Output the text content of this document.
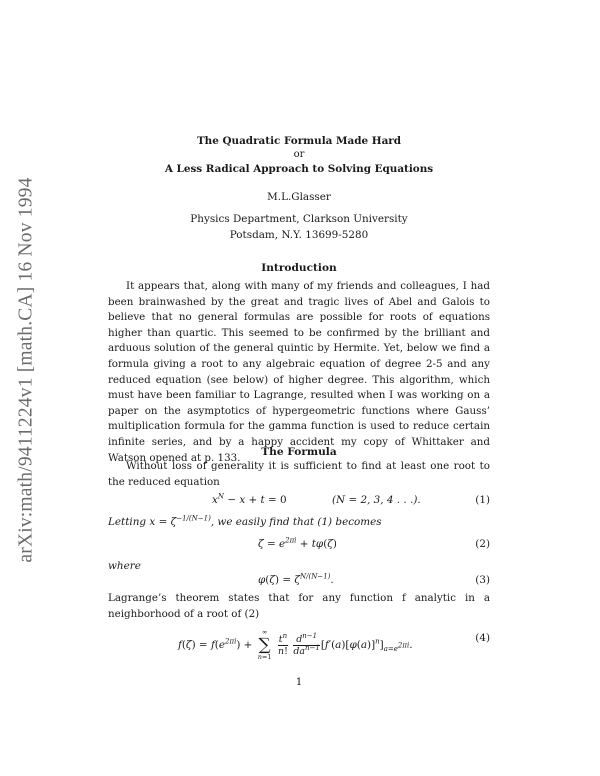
arXiv:math/9411224v1 [math.CA] 16 Nov 1994
The Quadratic Formula Made Hard
or
A Less Radical Approach to Solving Equations
M.L.Glasser
Physics Department, Clarkson University
Potsdam, N.Y. 13699-5280
Introduction

It appears that, along with many of my friends and colleagues, I had been brainwashed by the great and tragic lives of Abel and Galois to believe that no general formulas are possible for roots of equations higher than quartic. This seemed to be confirmed by the brilliant and arduous solution of the general quintic by Hermite. Yet, below we find a formula giving a root to any algebraic equation of degree 2-5 and any reduced equation (see below) of higher degree. This algorithm, which must have been familiar to Lagrange, resulted when I was working on a paper on the asymptotics of hypergeometric functions where Gauss’ multiplication formula for the gamma function is used to reduce certain infinite series, and by a happy accident my copy of Whittaker and Watson opened at p. 133.	The Formula

Without loss of generality it is sufficient to find at least one root to the reduced equation

$x^N - x + t = 0$	(N = 2, 3, 4 . . .).	(1)
Letting $x = \zeta^{-1/(N-1)}$, we easily find that (1) becomes
$\zeta = e^{2\pi i} + t\varphi(\zeta)$	(2)
where
$\varphi(\zeta) = \zeta^{N/(N-1)}$.	(3)

Lagrange’s theorem states that for any function f analytic in a neighborhood of a root of (2)

$f(\zeta) = f(e^{2\pi i})$ +
∞
∑
n=1

$\frac{t^n}{n!}$
$\frac{d^{n-1}}{da^{n-1}} [f'(a)[\varphi(a)]^n]_{a=e^{2\pi i}}$.
(4)
1
